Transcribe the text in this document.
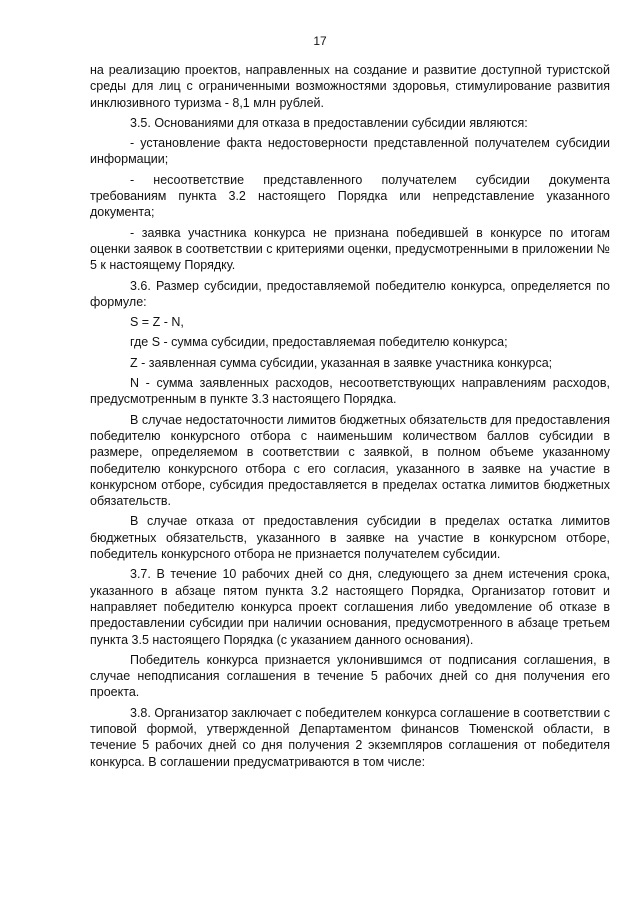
17

на реализацию проектов, направленных на создание и развитие доступной туристской среды для лиц с ограниченными возможностями здоровья, стимулирование развития инклюзивного туризма - 8,1 млн рублей.

3.5. Основаниями для отказа в предоставлении субсидии являются:

- установление факта недостоверности представленной получателем субсидии информации;

- несоответствие представленного получателем субсидии документа требованиям пункта 3.2 настоящего Порядка или непредставление указанного документа;

- заявка участника конкурса не признана победившей в конкурсе по итогам оценки заявок в соответствии с критериями оценки, предусмотренными в приложении № 5 к настоящему Порядку.

3.6. Размер субсидии, предоставляемой победителю конкурса, определяется по формуле:

S = Z - N,

где S - сумма субсидии, предоставляемая победителю конкурса;

Z - заявленная сумма субсидии, указанная в заявке участника конкурса;

N - сумма заявленных расходов, несоответствующих направлениям расходов, предусмотренным в пункте 3.3 настоящего Порядка.

В случае недостаточности лимитов бюджетных обязательств для предоставления победителю конкурсного отбора с наименьшим количеством баллов субсидии в размере, определяемом в соответствии с заявкой, в полном объеме указанному победителю конкурсного отбора с его согласия, указанного в заявке на участие в конкурсном отборе, субсидия предоставляется в пределах остатка лимитов бюджетных обязательств.

В случае отказа от предоставления субсидии в пределах остатка лимитов бюджетных обязательств, указанного в заявке на участие в конкурсном отборе, победитель конкурсного отбора не признается получателем субсидии.

3.7. В течение 10 рабочих дней со дня, следующего за днем истечения срока, указанного в абзаце пятом пункта 3.2 настоящего Порядка, Организатор готовит и направляет победителю конкурса проект соглашения либо уведомление об отказе в предоставлении субсидии при наличии основания, предусмотренного в абзаце третьем пункта 3.5 настоящего Порядка (с указанием данного основания).

Победитель конкурса признается уклонившимся от подписания соглашения, в случае неподписания соглашения в течение 5 рабочих дней со дня получения его проекта.

3.8. Организатор заключает с победителем конкурса соглашение в соответствии с типовой формой, утвержденной Департаментом финансов Тюменской области, в течение 5 рабочих дней со дня получения 2 экземпляров соглашения от победителя конкурса. В соглашении предусматриваются в том числе:
